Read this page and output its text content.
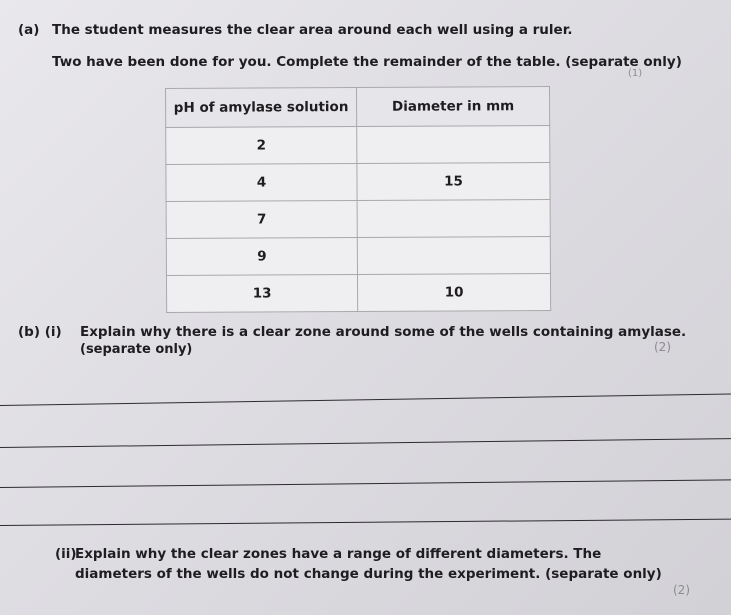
(a) The student measures the clear area around each well using a ruler.
Two have been done for you. Complete the remainder of the table. (separate only)
(1)
pH of amylase solution	Diameter in mm
2	
4	15
7	
9	
13	10
(b) (i) Explain why there is a clear zone around some of the wells containing amylase.
(separate only)	(2)
(ii)
Explain why the clear zones have a range of different diameters. The
diameters of the wells do not change during the experiment. (separate only)
(2)
